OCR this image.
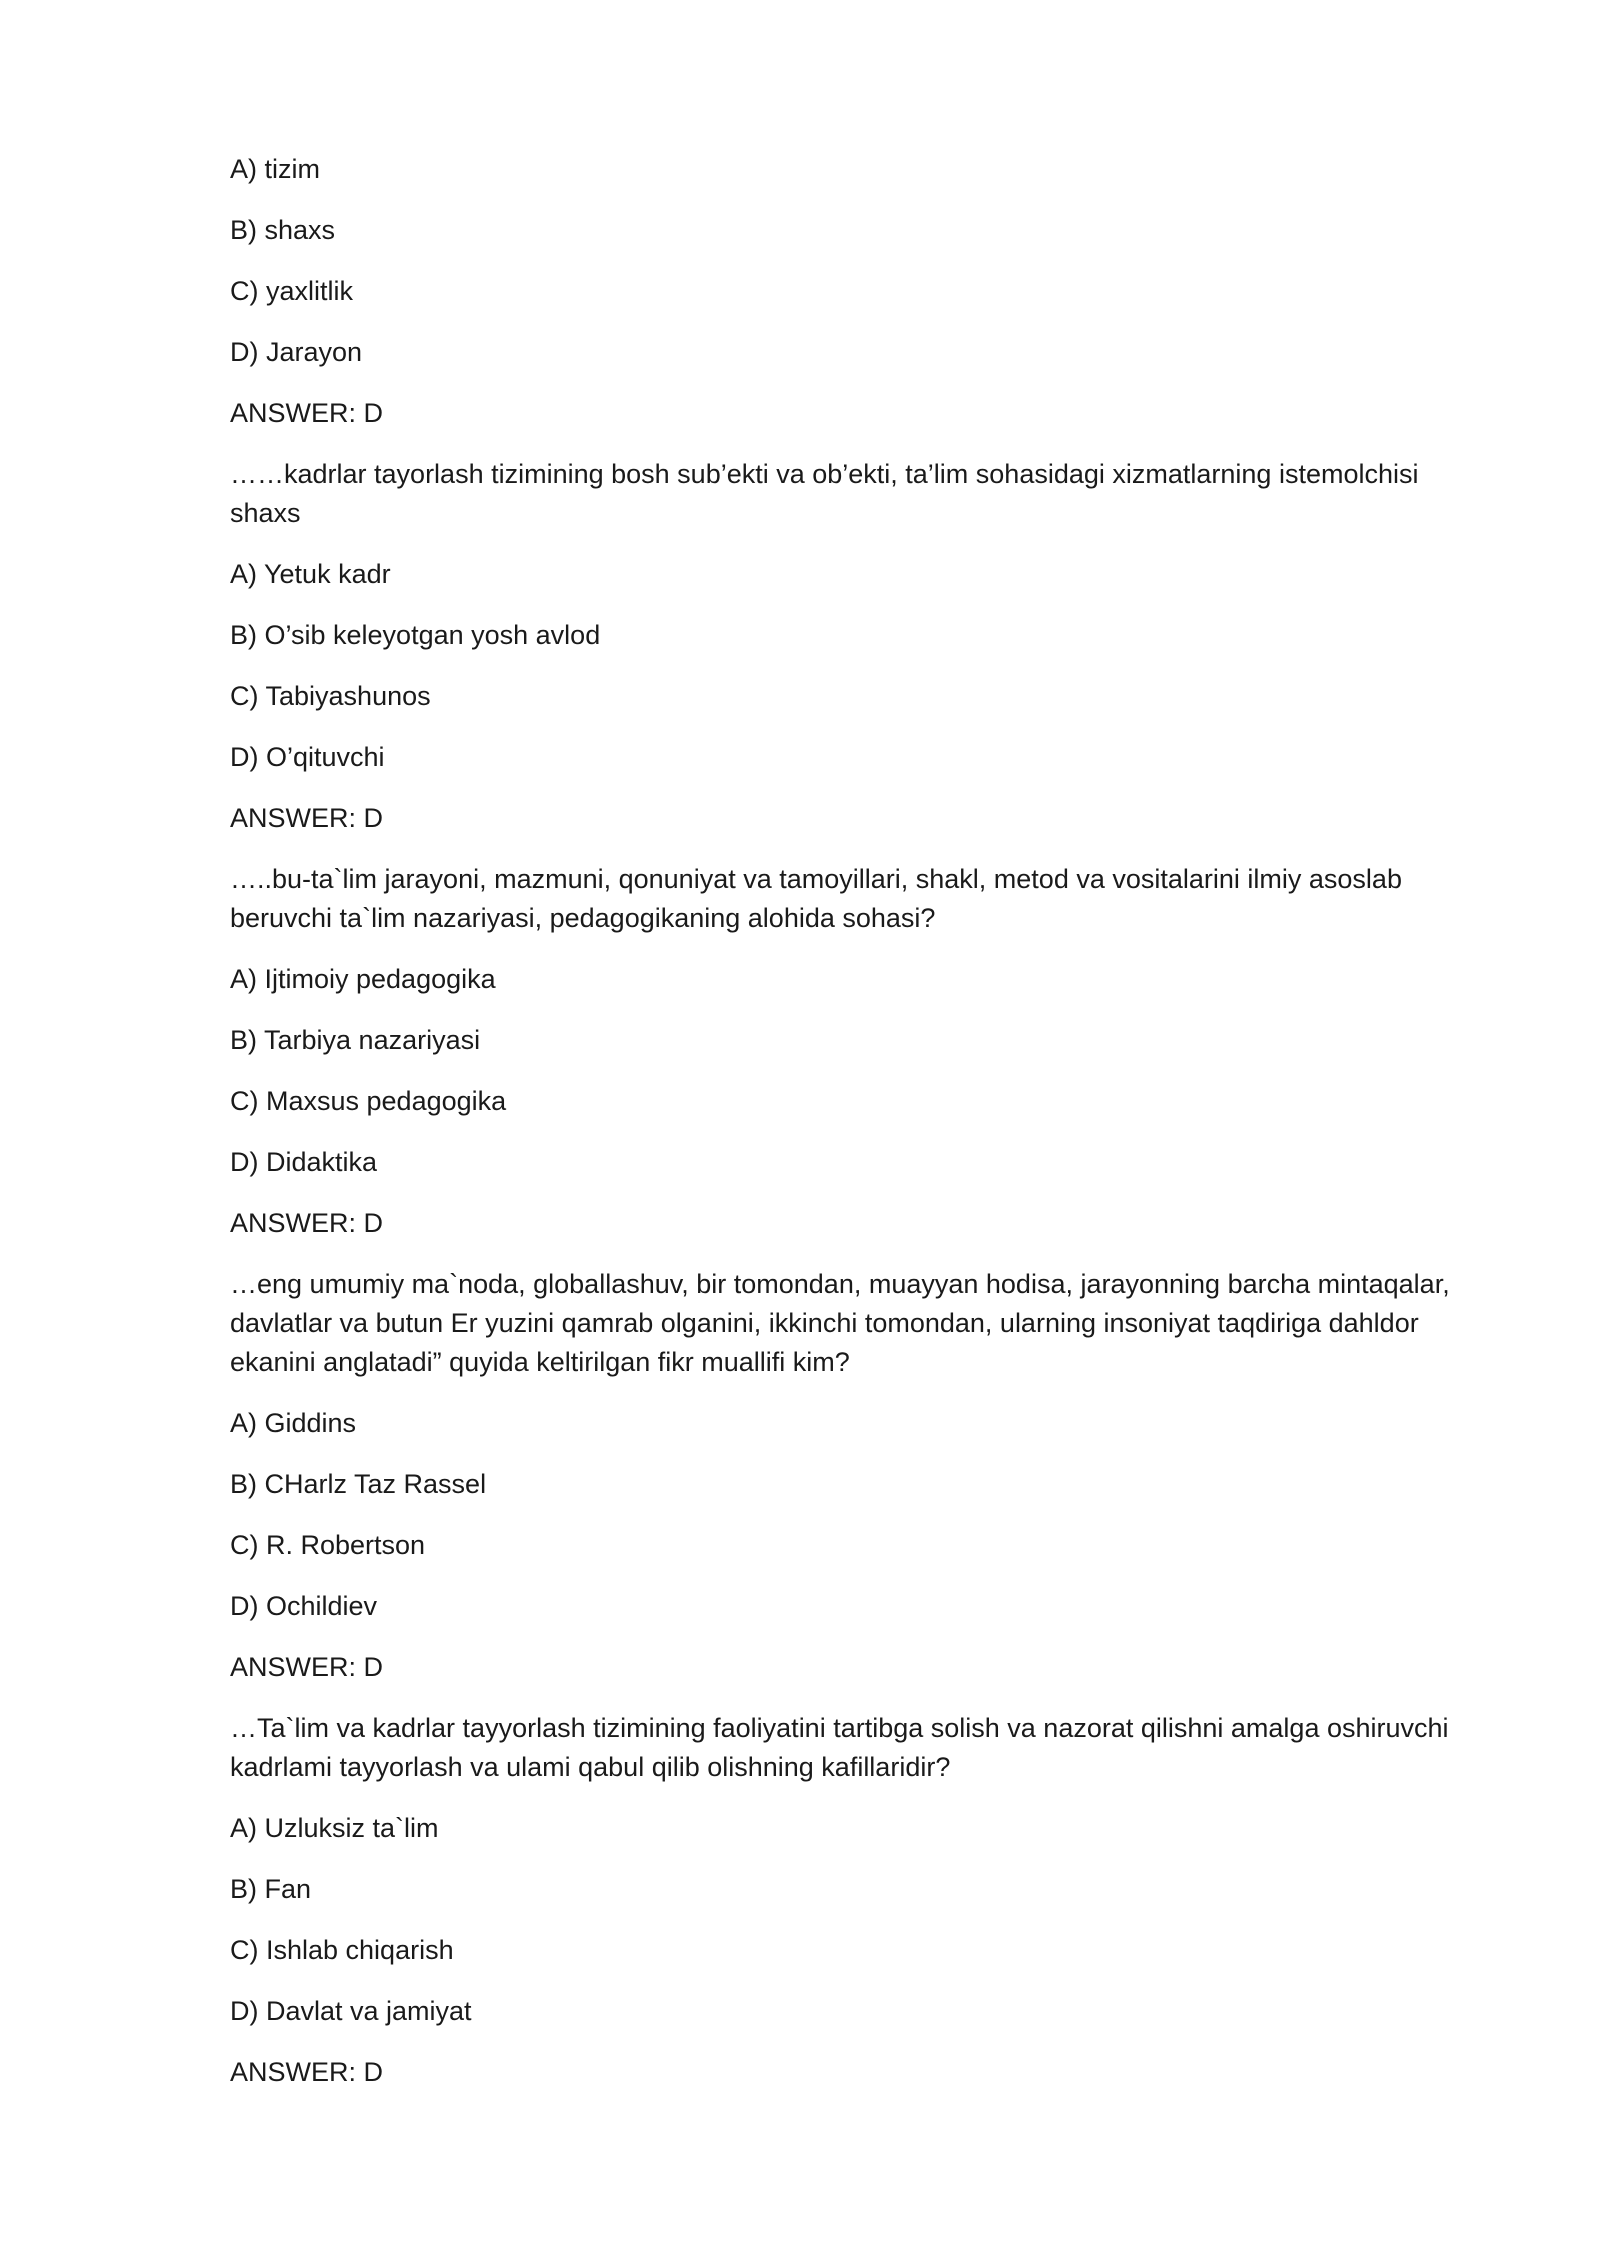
A) tizim

B) shaxs

C) yaxlitlik

D) Jarayon

ANSWER: D

……kadrlar tayorlash tizimining bosh sub’ekti va ob’ekti, ta’lim sohasidagi xizmatlarning istemolchisi shaxs

A) Yetuk kadr

B) O’sib keleyotgan yosh avlod

C) Tabiyashunos

D) O’qituvchi

ANSWER: D

…..bu-ta`lim jarayoni, mazmuni, qonuniyat va tamoyillari, shakl, metod va vositalarini ilmiy asoslab beruvchi ta`lim nazariyasi, pedagogikaning alohida sohasi?

A) Ijtimoiy pedagogika

B) Tarbiya nazariyasi

C) Maxsus pedagogika

D) Didaktika

ANSWER: D

…eng umumiy ma`noda, globallashuv, bir tomondan, muayyan hodisa, jarayonning barcha mintaqalar, davlatlar va butun Er yuzini qamrab olganini, ikkinchi tomondan, ularning insoniyat taqdiriga dahldor ekanini anglatadi” quyida keltirilgan fikr muallifi kim?

A) Giddins

B) CHarlz Taz Rassel

C) R. Robertson

D) Ochildiev

ANSWER: D

…Ta`lim va kadrlar tayyorlash tizimining faoliyatini tartibga solish va nazorat qilishni amalga oshiruvchi kadrlami tayyorlash va ulami qabul qilib olishning kafillaridir?

A) Uzluksiz ta`lim

B) Fan

C) Ishlab chiqarish

D) Davlat va jamiyat

ANSWER: D
